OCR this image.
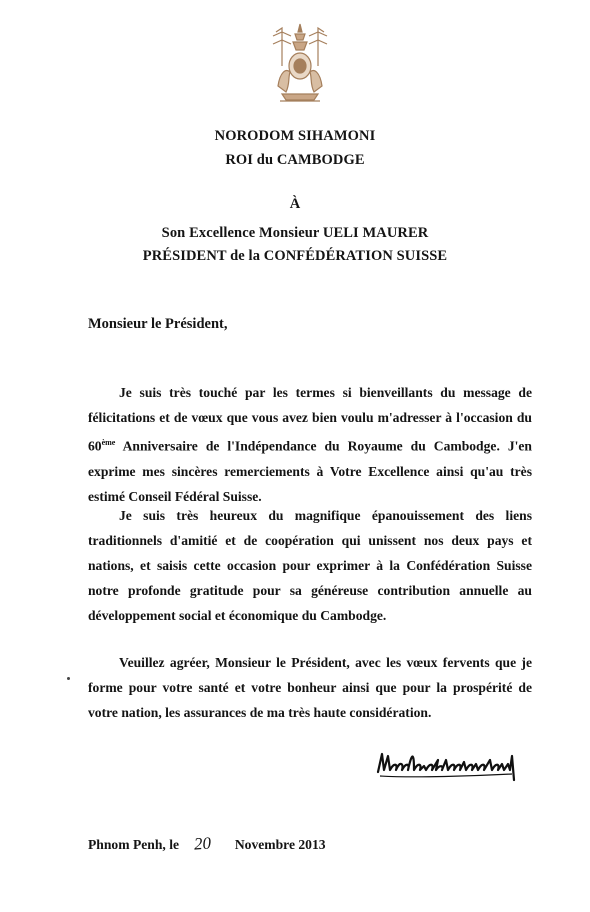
NORODOM SIHAMONI
ROI du CAMBODGE
À
Son Excellence Monsieur UELI MAURER
PRÉSIDENT de la CONFÉDÉRATION SUISSE
Monsieur le Président,
Je suis très touché par les termes si bienveillants du message de félicitations et de vœux que vous avez bien voulu m'adresser à l'occasion du 60ème Anniversaire de l'Indépendance du Royaume du Cambodge. J'en exprime mes sincères remerciements à Votre Excellence ainsi qu'au très estimé Conseil Fédéral Suisse.
Je suis très heureux du magnifique épanouissement des liens traditionnels d'amitié et de coopération qui unissent nos deux pays et nations, et saisis cette occasion pour exprimer à la Confédération Suisse notre profonde gratitude pour sa généreuse contribution annuelle au développement social et économique du Cambodge.
Veuillez agréer, Monsieur le Président, avec les vœux fervents que je forme pour votre santé et votre bonheur ainsi que pour la prospérité de votre nation, les assurances de ma très haute considération.
Phnom Penh, le 20 Novembre 2013
